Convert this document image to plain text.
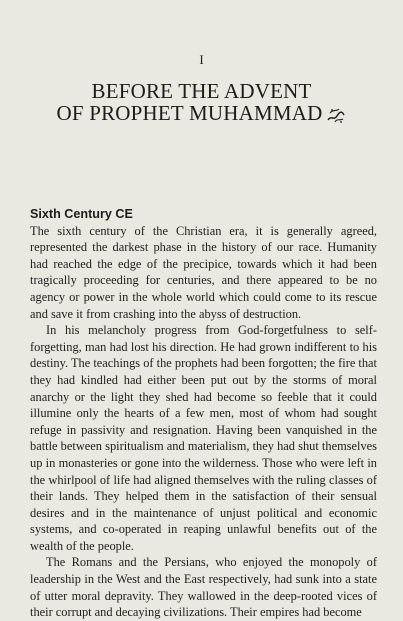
I
BEFORE THE ADVENT
OF PROPHET MUHAMMAD

Sixth Century CE

The sixth century of the Christian era, it is generally agreed, represented the darkest phase in the history of our race. Humanity had reached the edge of the precipice, towards which it had been tragically proceeding for centuries, and there appeared to be no agency or power in the whole world which could come to its rescue and save it from crashing into the abyss of destruction.

In his melancholy progress from God-forgetfulness to self-forgetting, man had lost his direction. He had grown indifferent to his destiny. The teachings of the prophets had been forgotten; the fire that they had kindled had either been put out by the storms of moral anarchy or the light they shed had become so feeble that it could illumine only the hearts of a few men, most of whom had sought refuge in passivity and resignation. Having been vanquished in the battle between spiritualism and materialism, they had shut themselves up in monasteries or gone into the wilderness. Those who were left in the whirlpool of life had aligned themselves with the ruling classes of their lands. They helped them in the satisfaction of their sensual desires and in the maintenance of unjust political and economic systems, and co-operated in reaping unlawful benefits out of the wealth of the people.

The Romans and the Persians, who enjoyed the monopoly of leadership in the West and the East respectively, had sunk into a state of utter moral depravity. They wallowed in the deep-rooted vices of their corrupt and decaying civilizations. Their empires had become
